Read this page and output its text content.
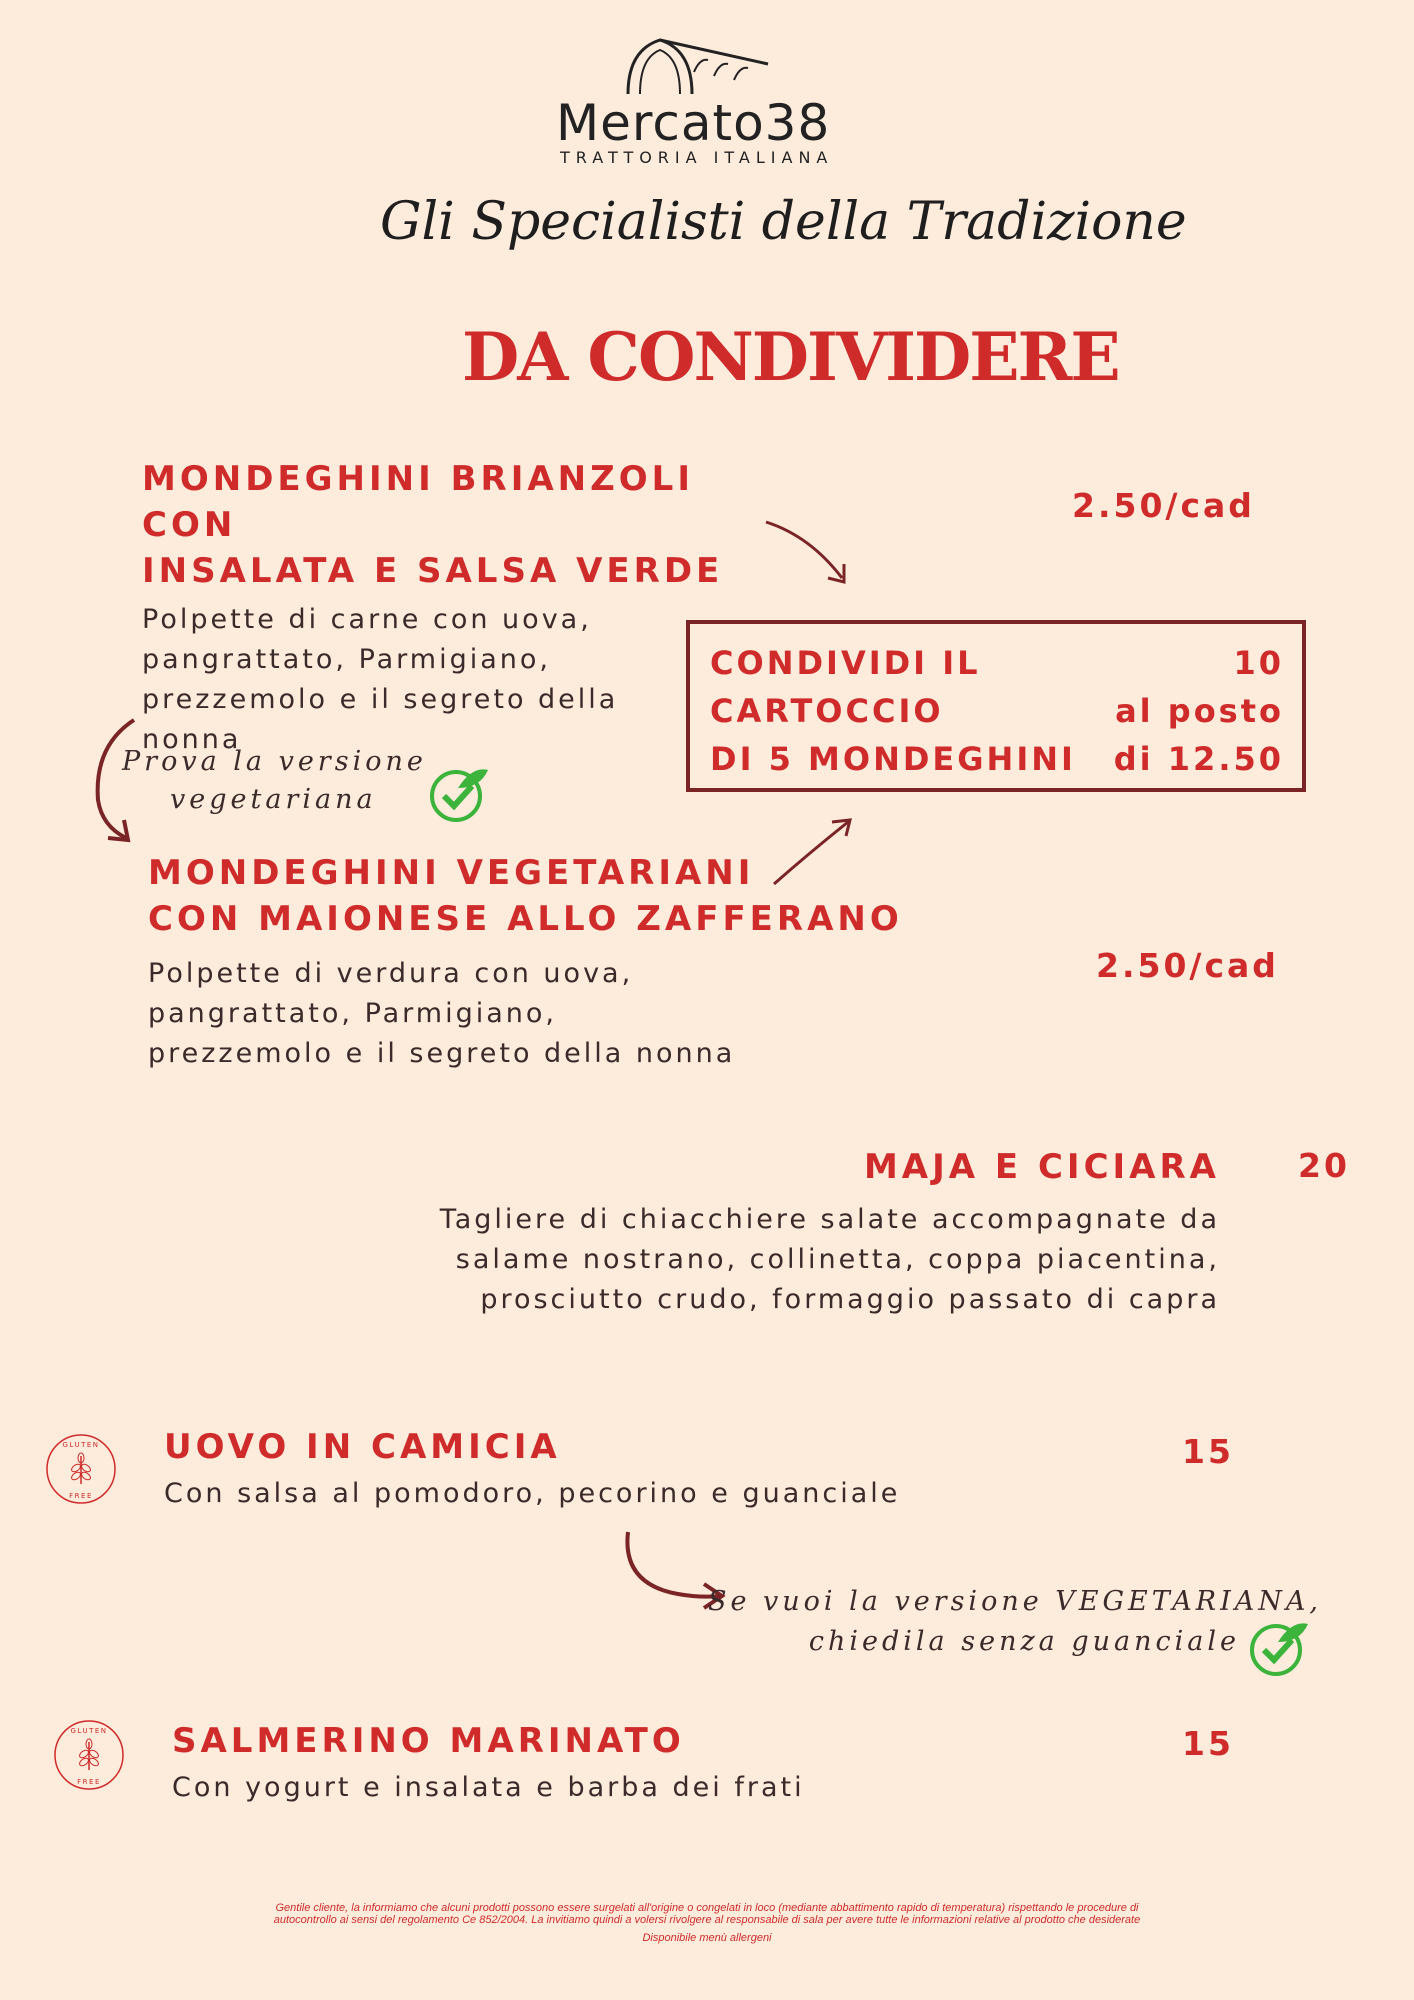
Mercato38

TRATTORIA ITALIANA

Gli Specialisti della Tradizione

DA CONDIVIDERE

MONDEGHINI BRIANZOLI CON

INSALATA E SALSA VERDE

Polpette di carne con uova,

pangrattato, Parmigiano,

prezzemolo e il segreto della

nonna

2.50/cad

CONDIVIDI IL	10
CARTOCCIO	al posto
DI 5 MONDEGHINI di 12.50

Prova la versione

vegetariana

MONDEGHINI VEGETARIANI

CON MAIONESE ALLO ZAFFERANO

Polpette di verdura con uova,

pangrattato, Parmigiano,

prezzemolo e il segreto della nonna

2.50/cad

MAJA E CICIARA

Tagliere di chiacchiere salate accompagnate da

salame nostrano, collinetta, coppa piacentina,

prosciutto crudo, formaggio passato di capra

20

GLUTEN
FREE

UOVO IN CAMICIA

Con salsa al pomodoro, pecorino e guanciale

15

Se vuoi la versione VEGETARIANA,

chiedila senza guanciale

GLUTEN
FREE

SALMERINO MARINATO

Con yogurt e insalata e barba dei frati

15

Gentile cliente, la informiamo che alcuni prodotti possono essere surgelati all'origine o congelati in loco (mediante abbattimento rapido di temperatura) rispettando le procedure di

autocontrollo ai sensi del regolamento Ce 852/2004. La invitiamo quindi a volersi rivolgere al responsabile di sala per avere tutte le informazioni relative al prodotto che desiderate

Disponibile menù allergeni
